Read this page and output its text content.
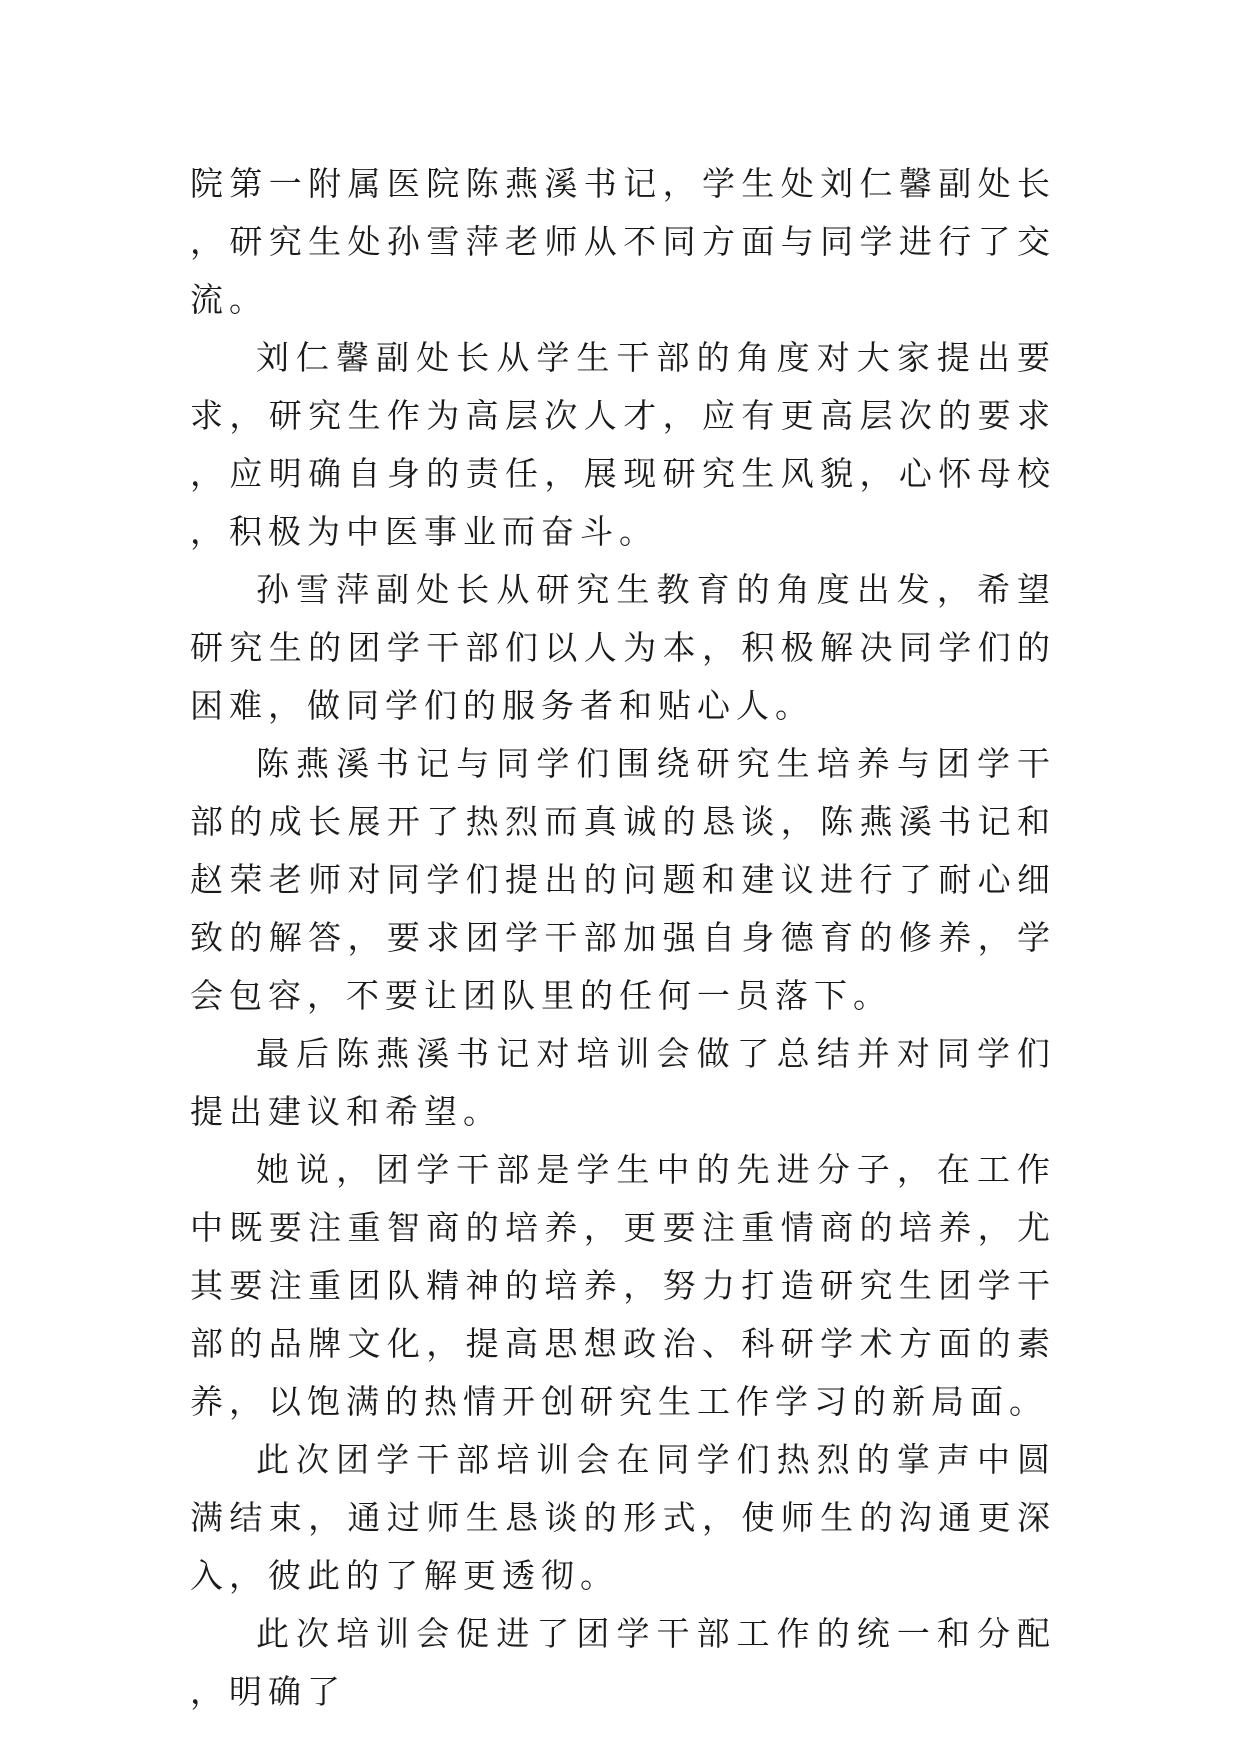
院第一附属医院陈燕溪书记，学生处刘仁馨副处长，研究生处孙雪萍老师从不同方面与同学进行了交流。

刘仁馨副处长从学生干部的角度对大家提出要求，研究生作为高层次人才，应有更高层次的要求，应明确自身的责任，展现研究生风貌，心怀母校，积极为中医事业而奋斗。

孙雪萍副处长从研究生教育的角度出发，希望研究生的团学干部们以人为本，积极解决同学们的困难，做同学们的服务者和贴心人。

陈燕溪书记与同学们围绕研究生培养与团学干部的成长展开了热烈而真诚的恳谈，陈燕溪书记和赵荣老师对同学们提出的问题和建议进行了耐心细致的解答，要求团学干部加强自身德育的修养，学会包容，不要让团队里的任何一员落下。

最后陈燕溪书记对培训会做了总结并对同学们提出建议和希望。

她说，团学干部是学生中的先进分子，在工作中既要注重智商的培养，更要注重情商的培养，尤其要注重团队精神的培养，努力打造研究生团学干部的品牌文化，提高思想政治、科研学术方面的素养，以饱满的热情开创研究生工作学习的新局面。

此次团学干部培训会在同学们热烈的掌声中圆满结束，通过师生恳谈的形式，使师生的沟通更深入，彼此的了解更透彻。

此次培训会促进了团学干部工作的统一和分配，明确了
